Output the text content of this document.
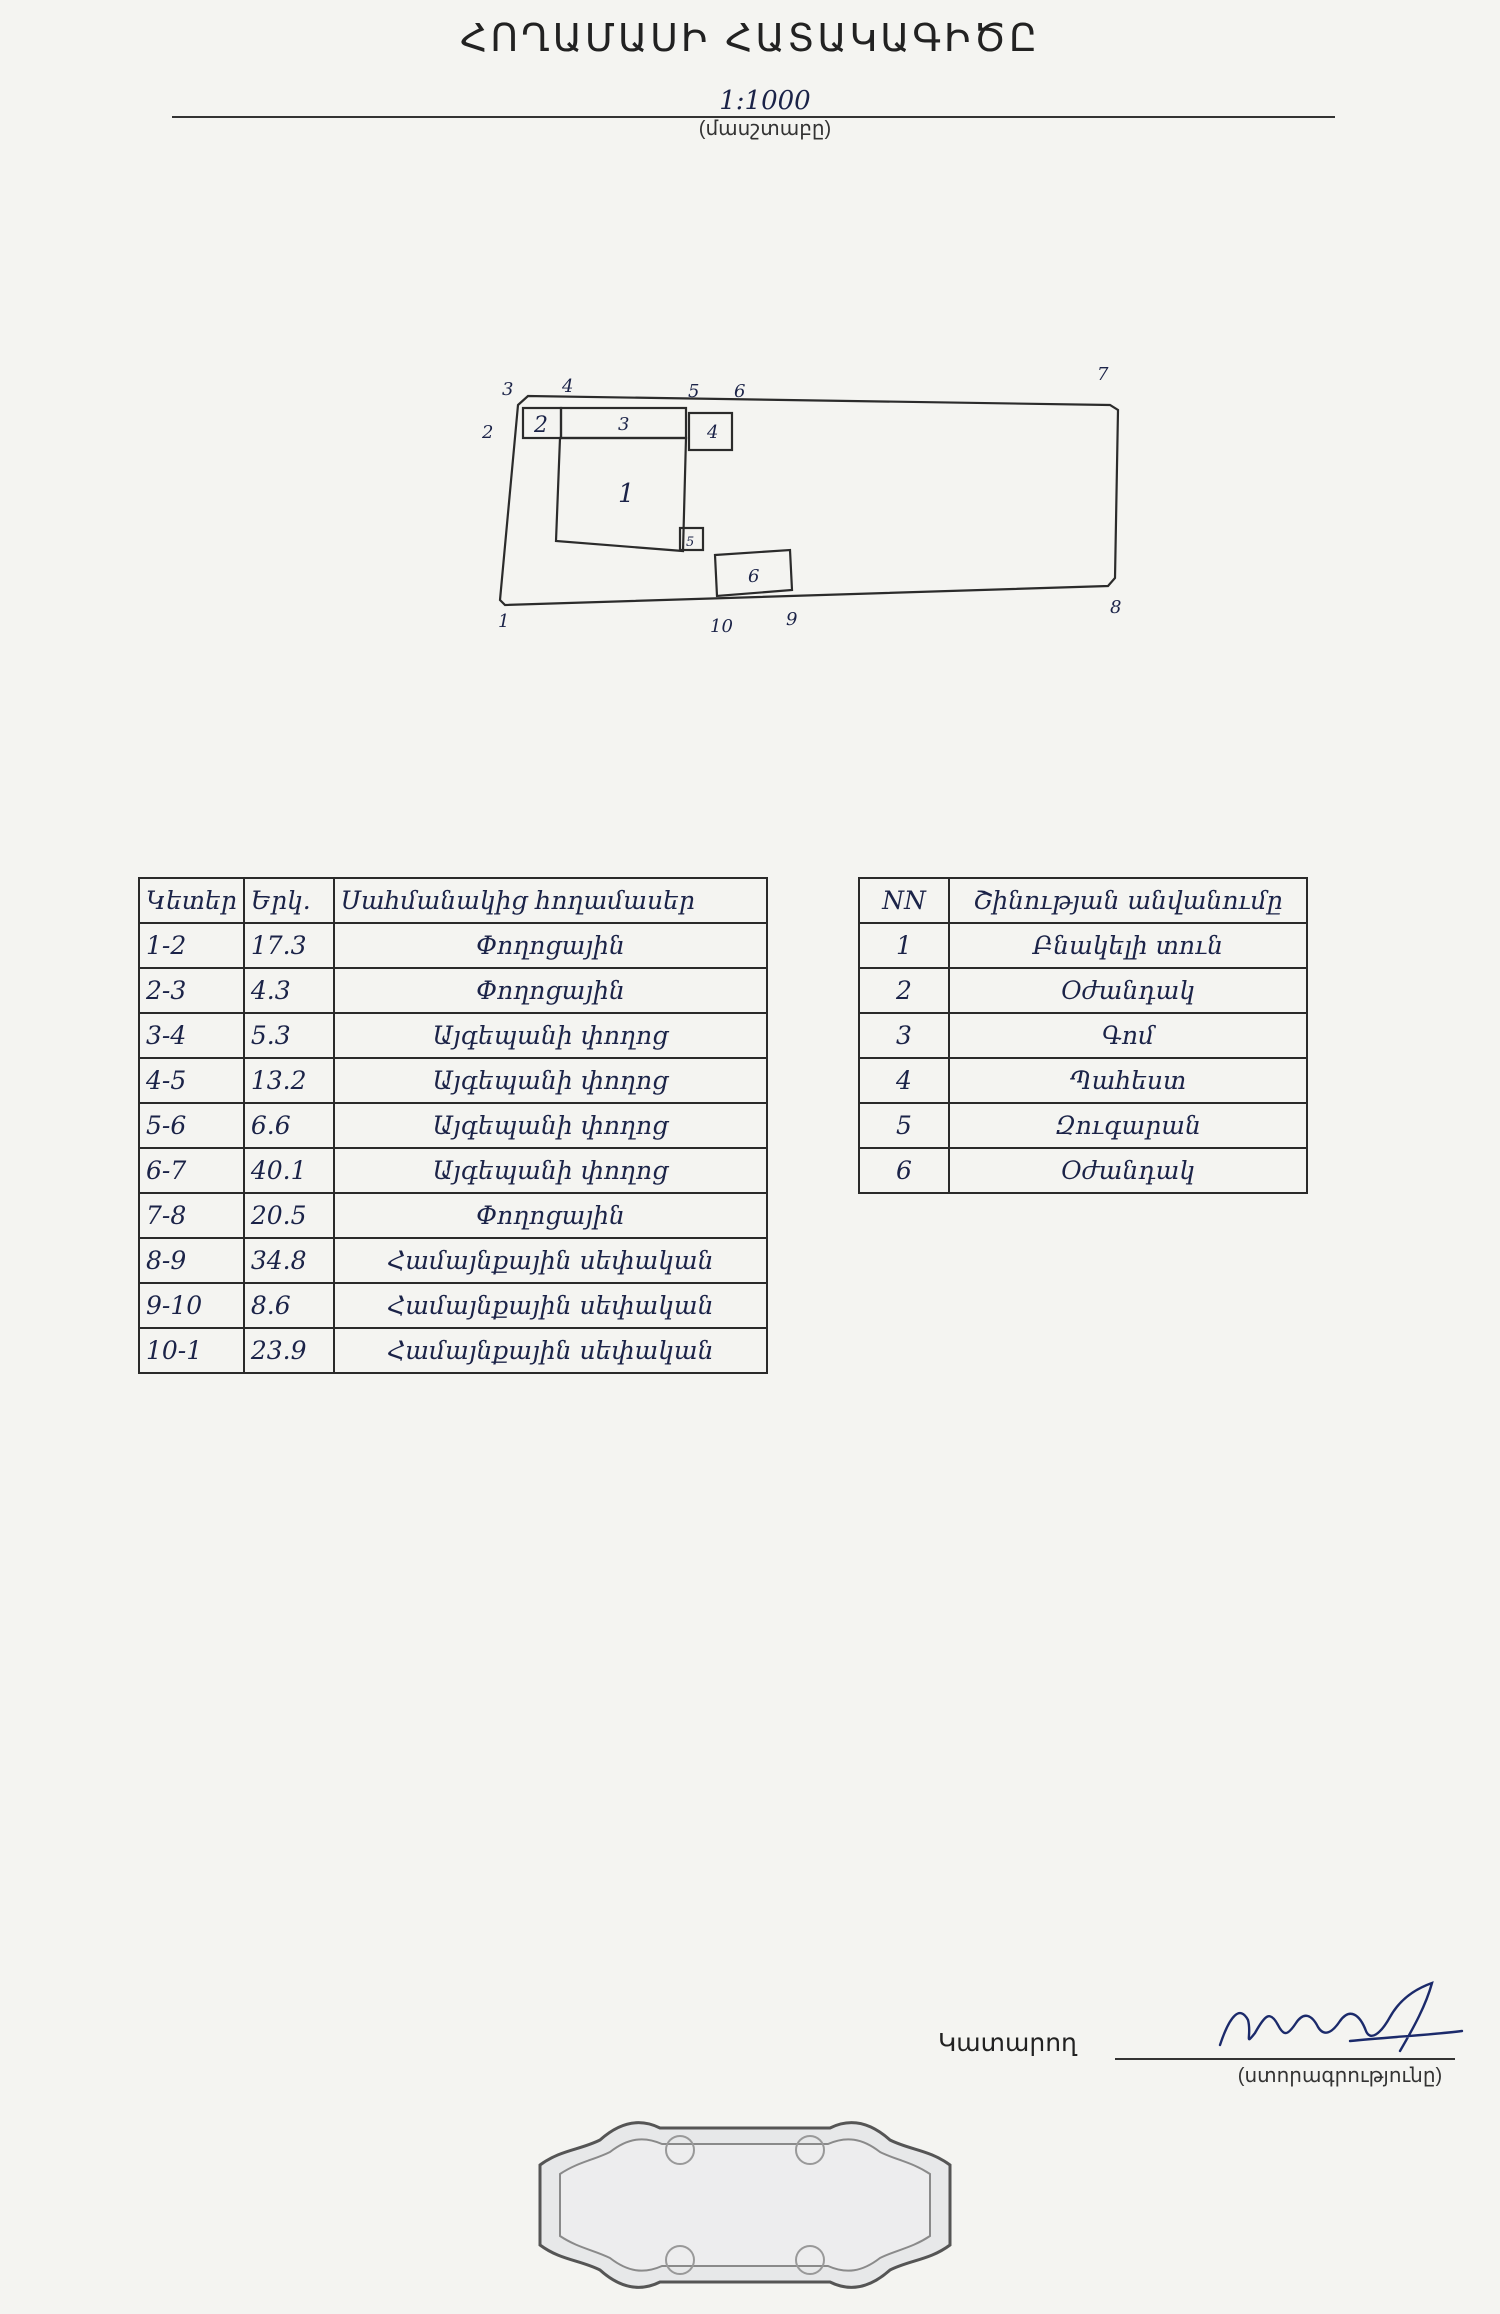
ՀՈՂԱՄԱՍԻ ՀԱՏԱԿԱԳԻԾԸ
1:1000
(մասշտաբը)
1
2
3	4	5 6
7
8
9
10
1
2	3	4
5
6
Կետեր	Երկ.	Սահմանակից հողամասեր
1-2	17.3	Փողոցային
2-3	4.3	Փողոցային
3-4	5.3	Այգեպանի փողոց
4-5	13.2	Այգեպանի փողոց
5-6	6.6	Այգեպանի փողոց
6-7	40.1	Այգեպանի փողոց
7-8	20.5	Փողոցային
8-9	34.8	Համայնքային սեփական
9-10	8.6	Համայնքային սեփական
10-1	23.9	Համայնքային սեփական
NN	Շինության անվանումը
1	Բնակելի տուն
2	Օժանդակ
3	Գոմ
4	Պահեստ
5	Զուգարան
6	Օժանդակ
Կատարող
(ստորագրությունը)
